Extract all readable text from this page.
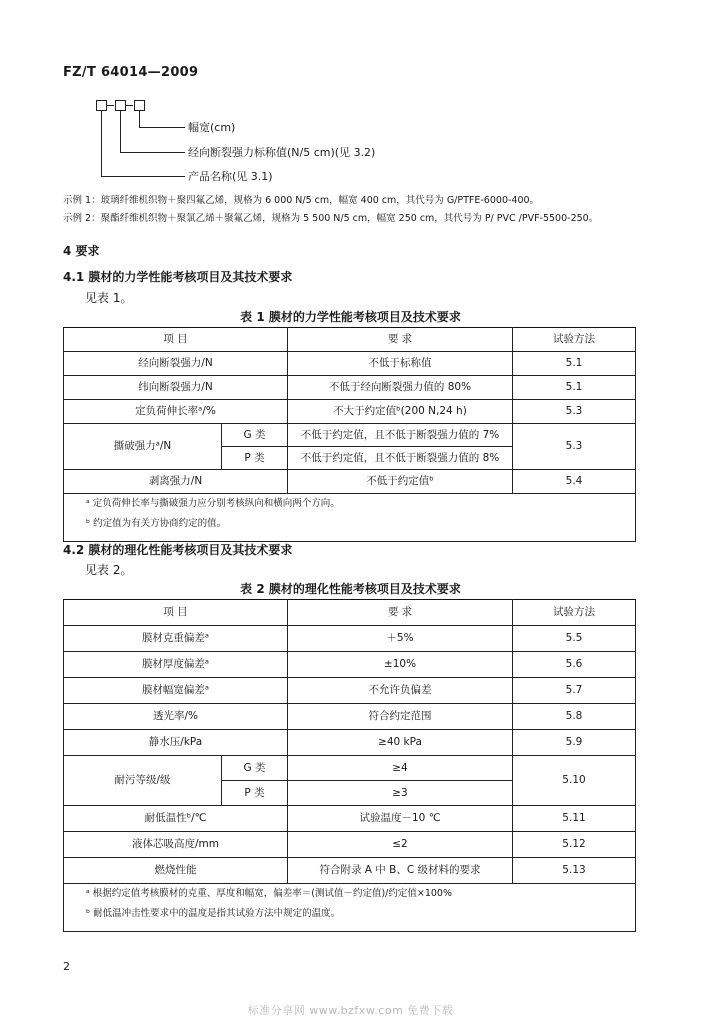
FZ/T 64014—2009
幅宽(cm)
经向断裂强力标称值(N/5 cm)(见 3.2)
产品名称(见 3.1)
示例 1：玻璃纤维机织物＋聚四氟乙烯，规格为 6 000 N/5 cm，幅宽 400 cm，其代号为 G/PTFE-6000-400。
示例 2：聚酯纤维机织物＋聚氯乙烯＋聚氟乙烯，规格为 5 500 N/5 cm，幅宽 250 cm，其代号为 P/ PVC /PVF-5500-250。
4 要求
4.1 膜材的力学性能考核项目及其技术要求
见表 1。
表 1 膜材的力学性能考核项目及技术要求
项 目		要 求	试验方法
经向断裂强力/N		不低于标称值	5.1
纬向断裂强力/N		不低于经向断裂强力值的 80%	5.1
定负荷伸长率ᵃ/%		不大于约定值ᵇ(200 N,24 h)	5.3
撕破强力ᵃ/N	G 类	不低于约定值，且不低于断裂强力值的 7%	5.3
	P 类	不低于约定值，且不低于断裂强力值的 8%	
剥离强力/N		不低于约定值ᵇ	5.4

ᵃ 定负荷伸长率与撕破强力应分别考核纵向和横向两个方向。
ᵇ 约定值为有关方协商约定的值。			
4.2 膜材的理化性能考核项目及其技术要求
见表 2。
表 2 膜材的理化性能考核项目及技术要求
项 目		要 求	试验方法
膜材克重偏差ᵃ		＋5%	5.5
膜材厚度偏差ᵃ		±10%	5.6
膜材幅宽偏差ᵃ		不允许负偏差	5.7
透光率/%		符合约定范围	5.8
静水压/kPa		≥40 kPa	5.9
耐污等级/级	G 类	≥4	5.10
	P 类	≥3	
耐低温性ᵇ/℃		试验温度－10 ℃	5.11
液体芯吸高度/mm		≤2	5.12
燃烧性能		符合附录 A 中 B、C 级材料的要求	5.13

ᵃ 根据约定值考核膜材的克重、厚度和幅宽，偏差率＝(测试值－约定值)/约定值×100%
ᵇ 耐低温冲击性要求中的温度是指其试验方法中规定的温度。			
2
标准分享网 www.bzfxw.com 免费下载
